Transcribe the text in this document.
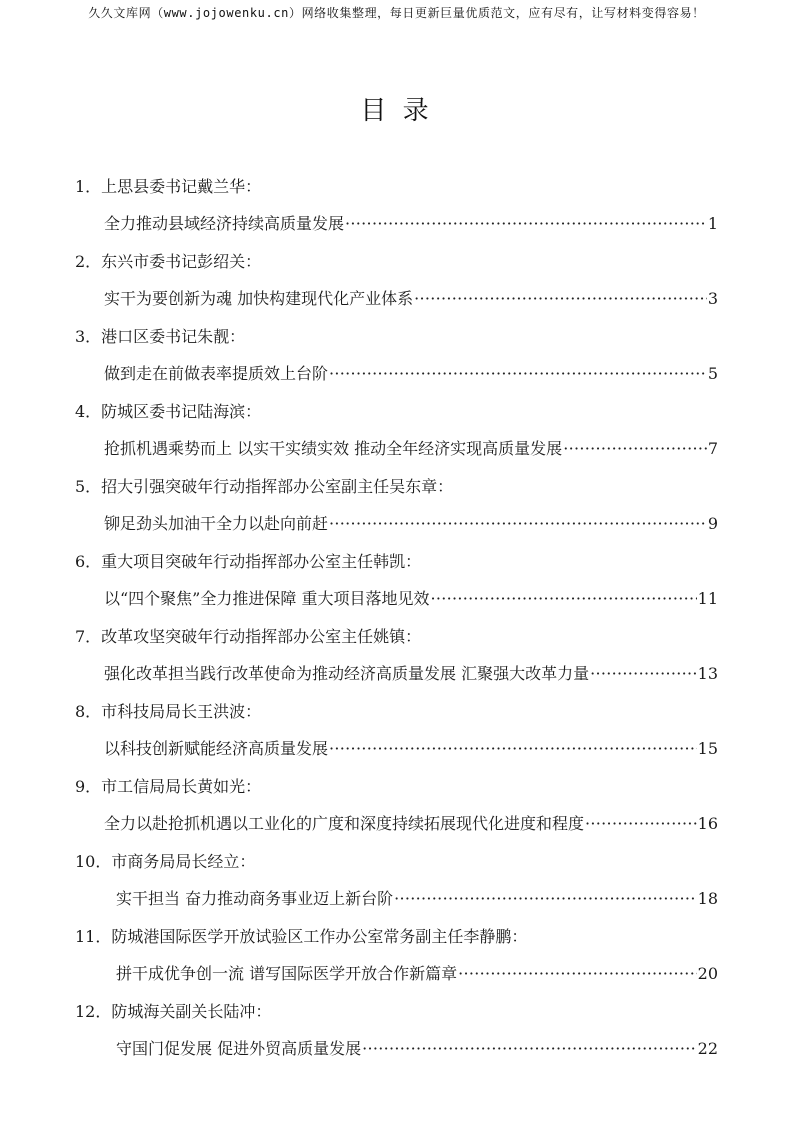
久久文库网（www.jojowenku.cn）网络收集整理，每日更新巨量优质范文，应有尽有，让写材料变得容易！
目 录
1．上思县委书记戴兰华：
全力推动县域经济持续高质量发展 ·····	1
2．东兴市委书记彭绍关：
实干为要创新为魂 加快构建现代化产业体系 ·····	3
3．港口区委书记朱靓：
做到走在前做表率提质效上台阶 ·····	5
4．防城区委书记陆海滨：
抢抓机遇乘势而上 以实干实绩实效 推动全年经济实现高质量发展 ·····	7
5．招大引强突破年行动指挥部办公室副主任吴东章：
铆足劲头加油干全力以赴向前赶 ·····	9
6．重大项目突破年行动指挥部办公室主任韩凯：
以“四个聚焦”全力推进保障 重大项目落地见效 ·····	11
7．改革攻坚突破年行动指挥部办公室主任姚镇：
强化改革担当践行改革使命为推动经济高质量发展 汇聚强大改革力量 ·····	13
8．市科技局局长王洪波：
以科技创新赋能经济高质量发展 ·····	15
9．市工信局局长黄如光：
全力以赴抢抓机遇以工业化的广度和深度持续拓展现代化进度和程度 ·····	16
10．市商务局局长经立：
实干担当 奋力推动商务事业迈上新台阶 ·····	18
11．防城港国际医学开放试验区工作办公室常务副主任李静鹏：
拼干成优争创一流 谱写国际医学开放合作新篇章 ·····	20
12．防城海关副关长陆冲：
守国门促发展 促进外贸高质量发展 ·····	22
